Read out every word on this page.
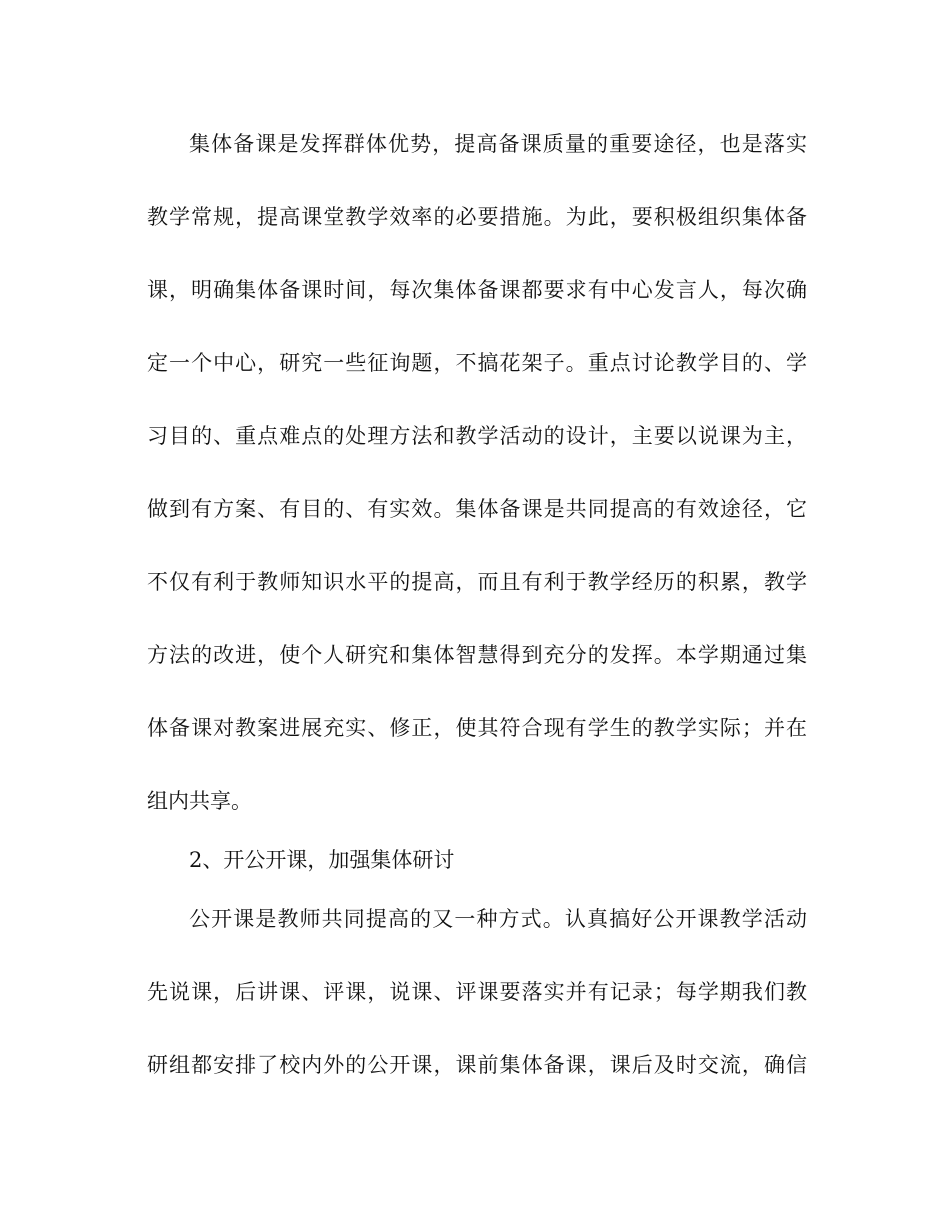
集体备课是发挥群体优势，提高备课质量的重要途径，也是落实
教学常规，提高课堂教学效率的必要措施。为此，要积极组织集体备
课，明确集体备课时间，每次集体备课都要求有中心发言人，每次确
定一个中心，研究一些征询题，不搞花架子。重点讨论教学目的、学
习目的、重点难点的处理方法和教学活动的设计，主要以说课为主，
做到有方案、有目的、有实效。集体备课是共同提高的有效途径，它
不仅有利于教师知识水平的提高，而且有利于教学经历的积累，教学
方法的改进，使个人研究和集体智慧得到充分的发挥。本学期通过集
体备课对教案进展充实、修正，使其符合现有学生的教学实际；并在
组内共享。
2、开公开课，加强集体研讨
公开课是教师共同提高的又一种方式。认真搞好公开课教学活动
先说课，后讲课、评课，说课、评课要落实并有记录；每学期我们教
研组都安排了校内外的公开课，课前集体备课，课后及时交流，确信
